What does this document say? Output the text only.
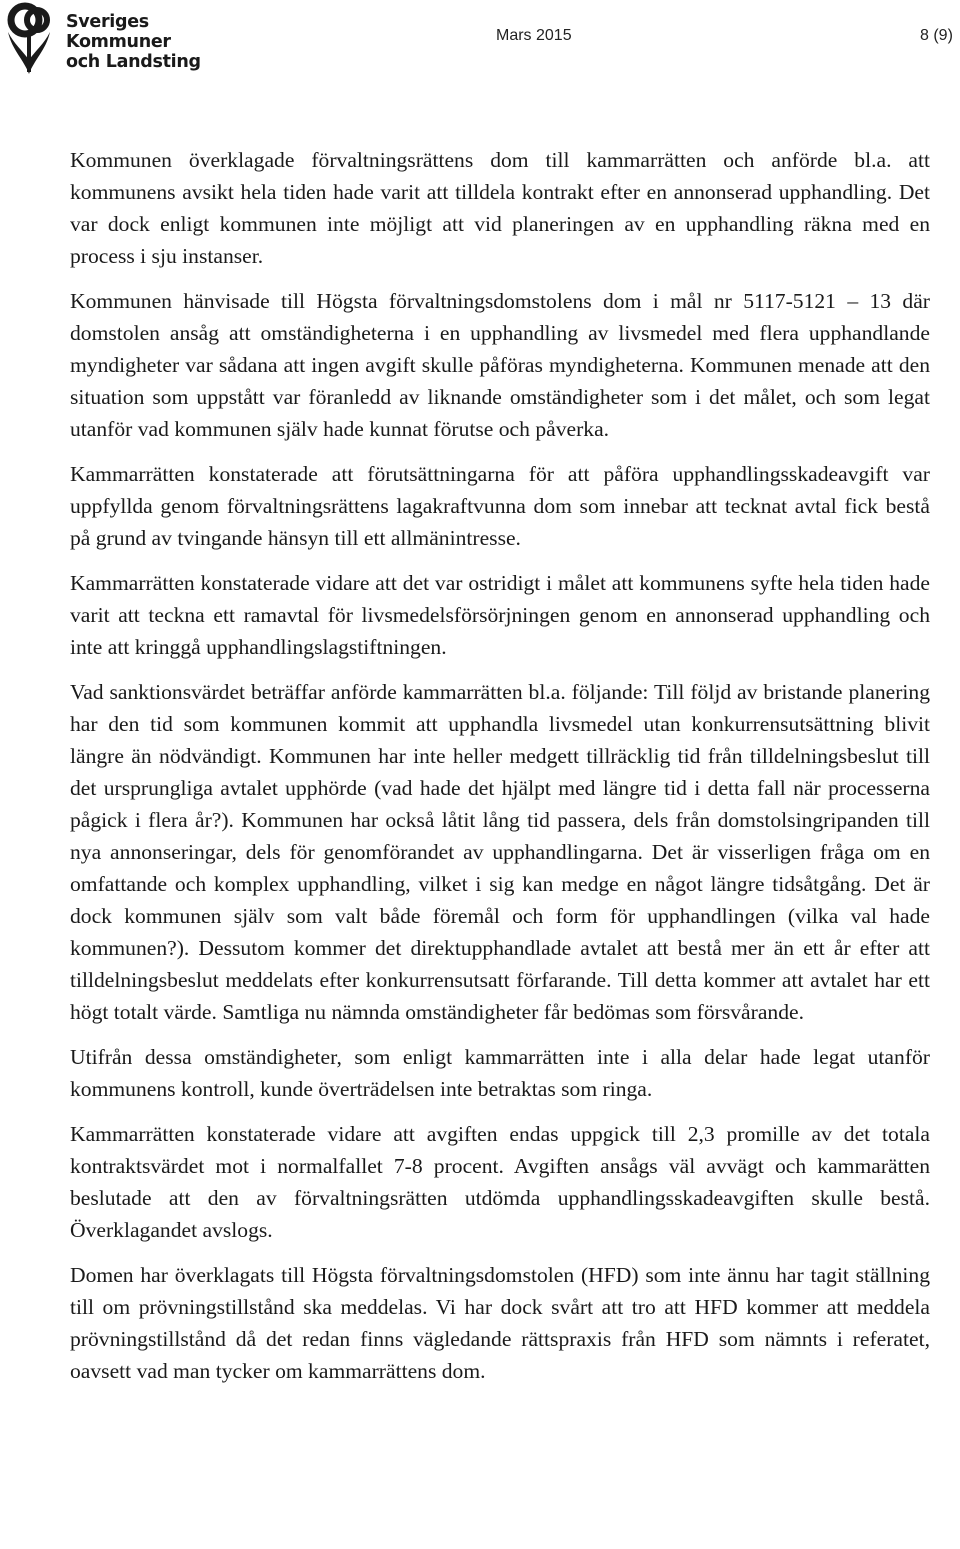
Sveriges
Kommuner
och Landsting
Mars 2015	8 (9)

Kommunen överklagade förvaltningsrättens dom till kammarrätten och anförde bl.a. att kommunens avsikt hela tiden hade varit att tilldela kontrakt efter en annonserad upphandling. Det var dock enligt kommunen inte möjligt att vid planeringen av en upphandling räkna med en process i sju instanser.

Kommunen hänvisade till Högsta förvaltningsdomstolens dom i mål nr 5117-5121 – 13 där domstolen ansåg att omständigheterna i en upphandling av livsmedel med flera upphandlande myndigheter var sådana att ingen avgift skulle påföras myndigheterna. Kommunen menade att den situation som uppstått var föranledd av liknande omständigheter som i det målet, och som legat utanför vad kommunen själv hade kunnat förutse och påverka.

Kammarrätten konstaterade att förutsättningarna för att påföra upphandlingsskadeavgift var uppfyllda genom förvaltningsrättens lagakraftvunna dom som innebar att tecknat avtal fick bestå på grund av tvingande hänsyn till ett allmänintresse.

Kammarrätten konstaterade vidare att det var ostridigt i målet att kommunens syfte hela tiden hade varit att teckna ett ramavtal för livsmedelsförsörjningen genom en annonserad upphandling och inte att kringgå upphandlingslagstiftningen.

Vad sanktionsvärdet beträffar anförde kammarrätten bl.a. följande: Till följd av bristande planering har den tid som kommunen kommit att upphandla livsmedel utan konkurrensutsättning blivit längre än nödvändigt. Kommunen har inte heller medgett tillräcklig tid från tilldelningsbeslut till det ursprungliga avtalet upphörde (vad hade det hjälpt med längre tid i detta fall när processerna pågick i flera år?). Kommunen har också låtit lång tid passera, dels från domstolsingripanden till nya annonseringar, dels för genomförandet av upphandlingarna. Det är visserligen fråga om en omfattande och komplex upphandling, vilket i sig kan medge en något längre tidsåtgång. Det är dock kommunen själv som valt både föremål och form för upphandlingen (vilka val hade kommunen?). Dessutom kommer det direktupphandlade avtalet att bestå mer än ett år efter att tilldelningsbeslut meddelats efter konkurrensutsatt förfarande. Till detta kommer att avtalet har ett högt totalt värde. Samtliga nu nämnda omständigheter får bedömas som försvårande.

Utifrån dessa omständigheter, som enligt kammarrätten inte i alla delar hade legat utanför kommunens kontroll, kunde överträdelsen inte betraktas som ringa.

Kammarrätten konstaterade vidare att avgiften endas uppgick till 2,3 promille av det totala kontraktsvärdet mot i normalfallet 7-8 procent. Avgiften ansågs väl avvägt och kammarätten beslutade att den av förvaltningsrätten utdömda upphandlingsskadeavgiften skulle bestå. Överklagandet avslogs.

Domen har överklagats till Högsta förvaltningsdomstolen (HFD) som inte ännu har tagit ställning till om prövningstillstånd ska meddelas. Vi har dock svårt att tro att HFD kommer att meddela prövningstillstånd då det redan finns vägledande rättspraxis från HFD som nämnts i referatet, oavsett vad man tycker om kammarrättens dom.
